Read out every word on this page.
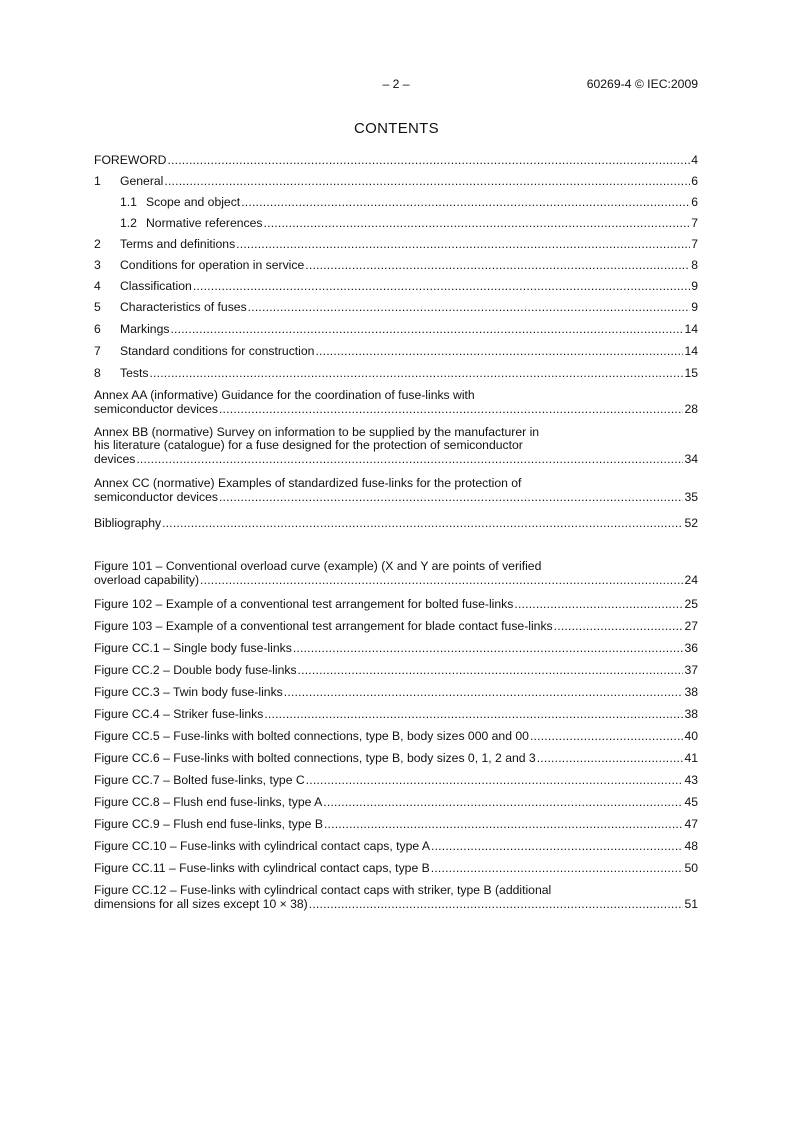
– 2 –	60269-4 © IEC:2009
CONTENTS
FOREWORD .....	4
1	General .....	6
1.1 Scope and object .....	6
1.2 Normative references .....	7
2	Terms and definitions .....	7
3	Conditions for operation in service .....	8
4	Classification .....	9
5	Characteristics of fuses .....	9
6	Markings .....	14
7	Standard conditions for construction .....	14
8	Tests .....	15
Annex AA (informative) Guidance for the coordination of fuse-links with
semiconductor devices .....	28
Annex BB (normative) Survey on information to be supplied by the manufacturer in
his literature (catalogue) for a fuse designed for the protection of semiconductor
devices .....	34
Annex CC (normative) Examples of standardized fuse-links for the protection of
semiconductor devices .....	35
Bibliography .....	52
Figure 101 – Conventional overload curve (example) (X and Y are points of verified
overload capability) .....	24
Figure 102 – Example of a conventional test arrangement for bolted fuse-links .....	25
Figure 103 – Example of a conventional test arrangement for blade contact fuse-links .....	27
Figure CC.1 – Single body fuse-links .....	36
Figure CC.2 – Double body fuse-links .....	37
Figure CC.3 – Twin body fuse-links .....	38
Figure CC.4 – Striker fuse-links .....	38
Figure CC.5 – Fuse-links with bolted connections, type B, body sizes 000 and 00 .....	40
Figure CC.6 – Fuse-links with bolted connections, type B, body sizes 0, 1, 2 and 3 .....	41
Figure CC.7 – Bolted fuse-links, type C .....	43
Figure CC.8 – Flush end fuse-links, type A .....	45
Figure CC.9 – Flush end fuse-links, type B .....	47
Figure CC.10 – Fuse-links with cylindrical contact caps, type A .....	48
Figure CC.11 – Fuse-links with cylindrical contact caps, type B .....	50
Figure CC.12 – Fuse-links with cylindrical contact caps with striker, type B (additional
dimensions for all sizes except 10 × 38) .....	51
